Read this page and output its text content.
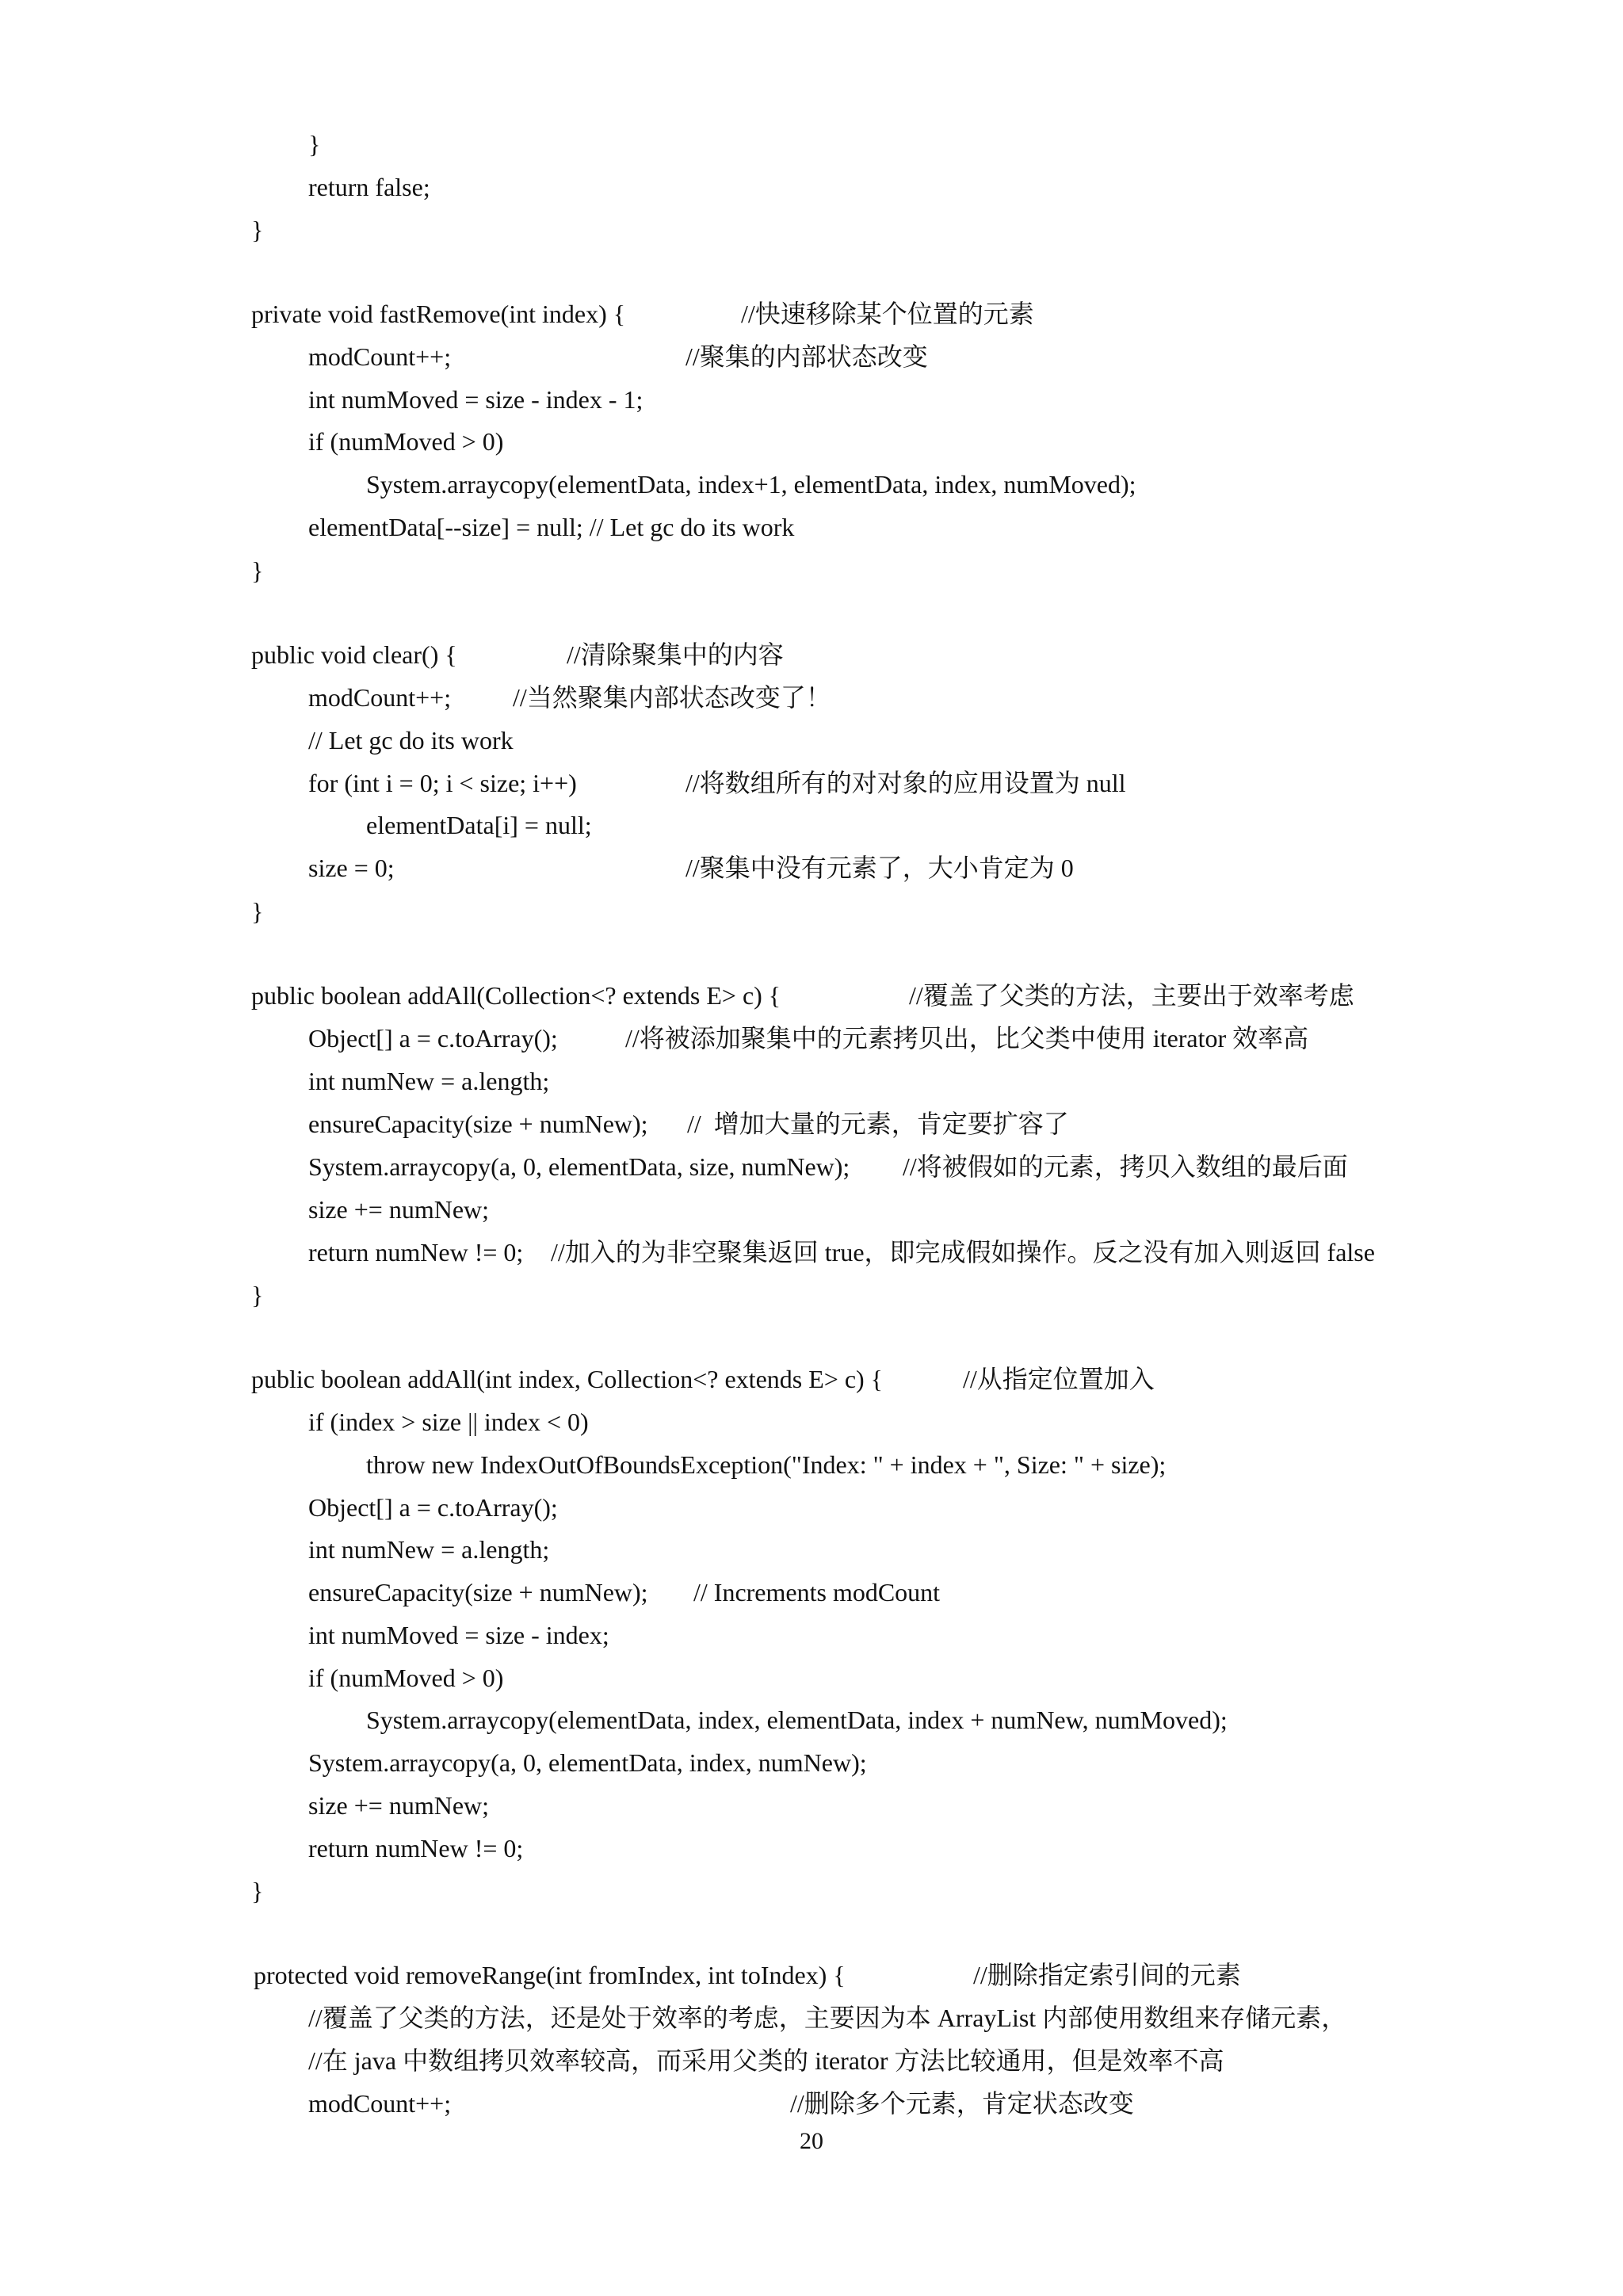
}

return false;

}

private void fastRemove(int index) {

	//快速移除某个位置的元素

modCount++;

	//聚集的内部状态改变

int numMoved = size - index - 1;

if (numMoved > 0)

System.arraycopy(elementData, index+1, elementData, index, numMoved);

elementData[--size] = null; // Let gc do its work

}

public void clear() {

	//清除聚集中的内容

modCount++;

//当然聚集内部状态改变了！

// Let gc do its work

for (int i = 0; i < size; i++)

	//将数组所有的对对象的应用设置为 null

elementData[i] = null;

size = 0;

	//聚集中没有元素了，大小肯定为 0

}

public boolean addAll(Collection<? extends E> c) {

	//覆盖了父类的方法，主要出于效率考虑

Object[] a = c.toArray();

	//将被添加聚集中的元素拷贝出，比父类中使用 iterator 效率高

int numNew = a.length;

ensureCapacity(size + numNew);

//  增加大量的元素，肯定要扩容了

System.arraycopy(a, 0, elementData, size, numNew);

//将被假如的元素，拷贝入数组的最后面

size += numNew;

return numNew != 0;

//加入的为非空聚集返回 true，即完成假如操作。反之没有加入则返回 false

}

public boolean addAll(int index, Collection<? extends E> c) {

	//从指定位置加入

if (index > size || index < 0)

throw new IndexOutOfBoundsException("Index: " + index + ", Size: " + size);

Object[] a = c.toArray();

int numNew = a.length;

ensureCapacity(size + numNew);

// Increments modCount

int numMoved = size - index;

if (numMoved > 0)

System.arraycopy(elementData, index, elementData, index + numNew, numMoved);

System.arraycopy(a, 0, elementData, index, numNew);

size += numNew;

return numNew != 0;

}

protected void removeRange(int fromIndex, int toIndex) {

	//删除指定索引间的元素

//覆盖了父类的方法，还是处于效率的考虑，主要因为本 ArrayList 内部使用数组来存储元素，

//在 java 中数组拷贝效率较高，而采用父类的 iterator 方法比较通用，但是效率不高

modCount++;

	//删除多个元素，肯定状态改变

20
